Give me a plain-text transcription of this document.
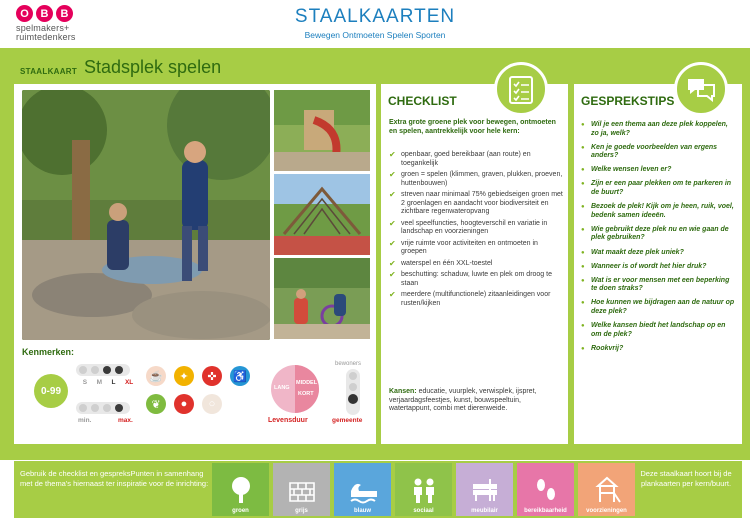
O	B	B
spelmakers+ ruimtedenkers
STAALKAARTEN
Bewegen Ontmoeten Spelen Sporten
STAALKAART Stadsplek spelen
Kenmerken:
0-99
S M L XL
min.	max.
☕	✦	✜	♿
❦	●	○
LANG
MIDDEL
KORT
Levensduur
bewoners
gemeente
CHECKLIST
Extra grote groene plek voor bewegen, ontmoeten en spelen, aantrekkelijk voor hele kern:
✔ openbaar, goed bereikbaar (aan route) en toegankelijk
✔ groen = spelen (klimmen, graven, plukken, proeven, huttenbouwen)
✔ streven naar minimaal 75% gebiedseigen groen met 2 groenlagen en aandacht voor biodiversiteit en zichtbare regenwateropvang
✔ veel speelfuncties, hoogteverschil en variatie in landschap en voorzieningen
✔ vrije ruimte voor activiteiten en ontmoeten in groepen
✔ waterspel en één XXL-toestel
✔ beschutting: schaduw, luwte en plek om droog te staan
✔ meerdere (multifunctionele) zitaanleidingen voor rusten/kijken
Kansen: educatie, vuurplek, verwisplek, ijspret, verjaardagsfeestjes, kunst, bouwspeeltuin, watertappunt, combi met dierenweide.
GESPREKSTIPS
● Wil je een thema aan deze plek koppelen, zo ja, welk?
● Ken je goede voorbeelden van ergens anders?
● Welke wensen leven er?
● Zijn er een paar plekken om te parkeren in de buurt?
● Bezoek de plek! Kijk om je heen, ruik, voel, bedenk samen ideeën.
● Wie gebruikt deze plek nu en wie gaan de plek gebruiken?
● Wat maakt deze plek uniek?
● Wanneer is of wordt het hier druk?
● Wat is er voor mensen met een beperking te doen straks?
● Hoe kunnen we bijdragen aan de natuur op deze plek?
● Welke kansen biedt het landschap op en om de plek?
● Rookvrij?
Gebruik de checklist en gespreksPunten in samenhang met de thema's hiernaast ter inspiratie voor de inrichting:
groen	grijs	blauw	sociaal	meubilair	bereikbaarheid	voorzieningen
Deze staalkaart hoort bij de plankaarten per kern/buurt.
